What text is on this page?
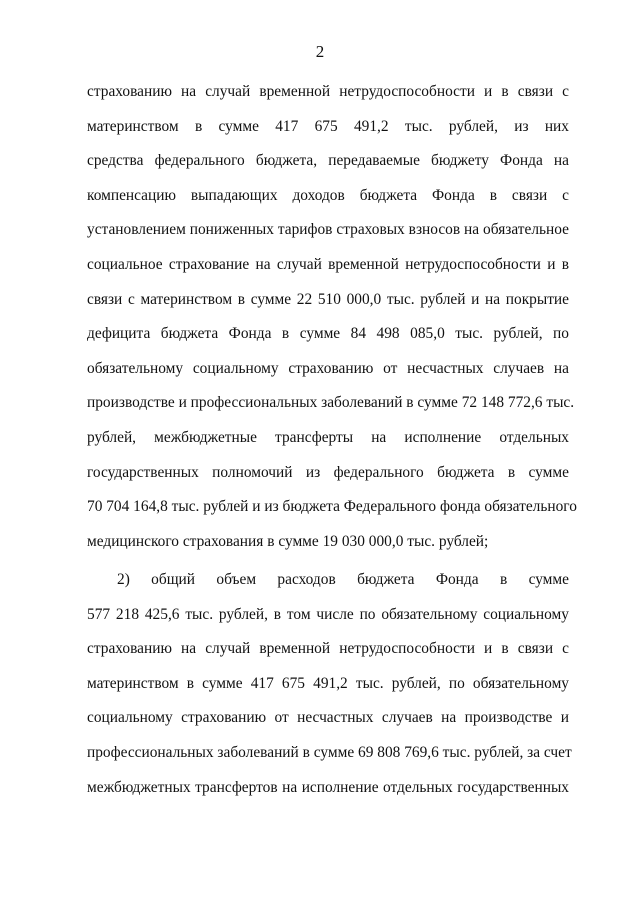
2
страхованию на случай временной нетрудоспособности и в связи с
материнством в сумме 417 675 491,2 тыс. рублей, из них
средства федерального бюджета, передаваемые бюджету Фонда на
компенсацию выпадающих доходов бюджета Фонда в связи с
установлением пониженных тарифов страховых взносов на обязательное
социальное страхование на случай временной нетрудоспособности и в
связи с материнством в сумме 22 510 000,0 тыс. рублей и на покрытие
дефицита бюджета Фонда в сумме 84 498 085,0 тыс. рублей, по
обязательному социальному страхованию от несчастных случаев на
производстве и профессиональных заболеваний в сумме 72 148 772,6 тыс.
рублей, межбюджетные трансферты на исполнение отдельных
государственных полномочий из федерального бюджета в сумме
70 704 164,8 тыс. рублей и из бюджета Федерального фонда обязательного
медицинского страхования в сумме 19 030 000,0 тыс. рублей;
2) общий объем расходов бюджета Фонда в сумме
577 218 425,6 тыс. рублей, в том числе по обязательному социальному
страхованию на случай временной нетрудоспособности и в связи с
материнством в сумме 417 675 491,2 тыс. рублей, по обязательному
социальному страхованию от несчастных случаев на производстве и
профессиональных заболеваний в сумме 69 808 769,6 тыс. рублей, за счет
межбюджетных трансфертов на исполнение отдельных государственных
